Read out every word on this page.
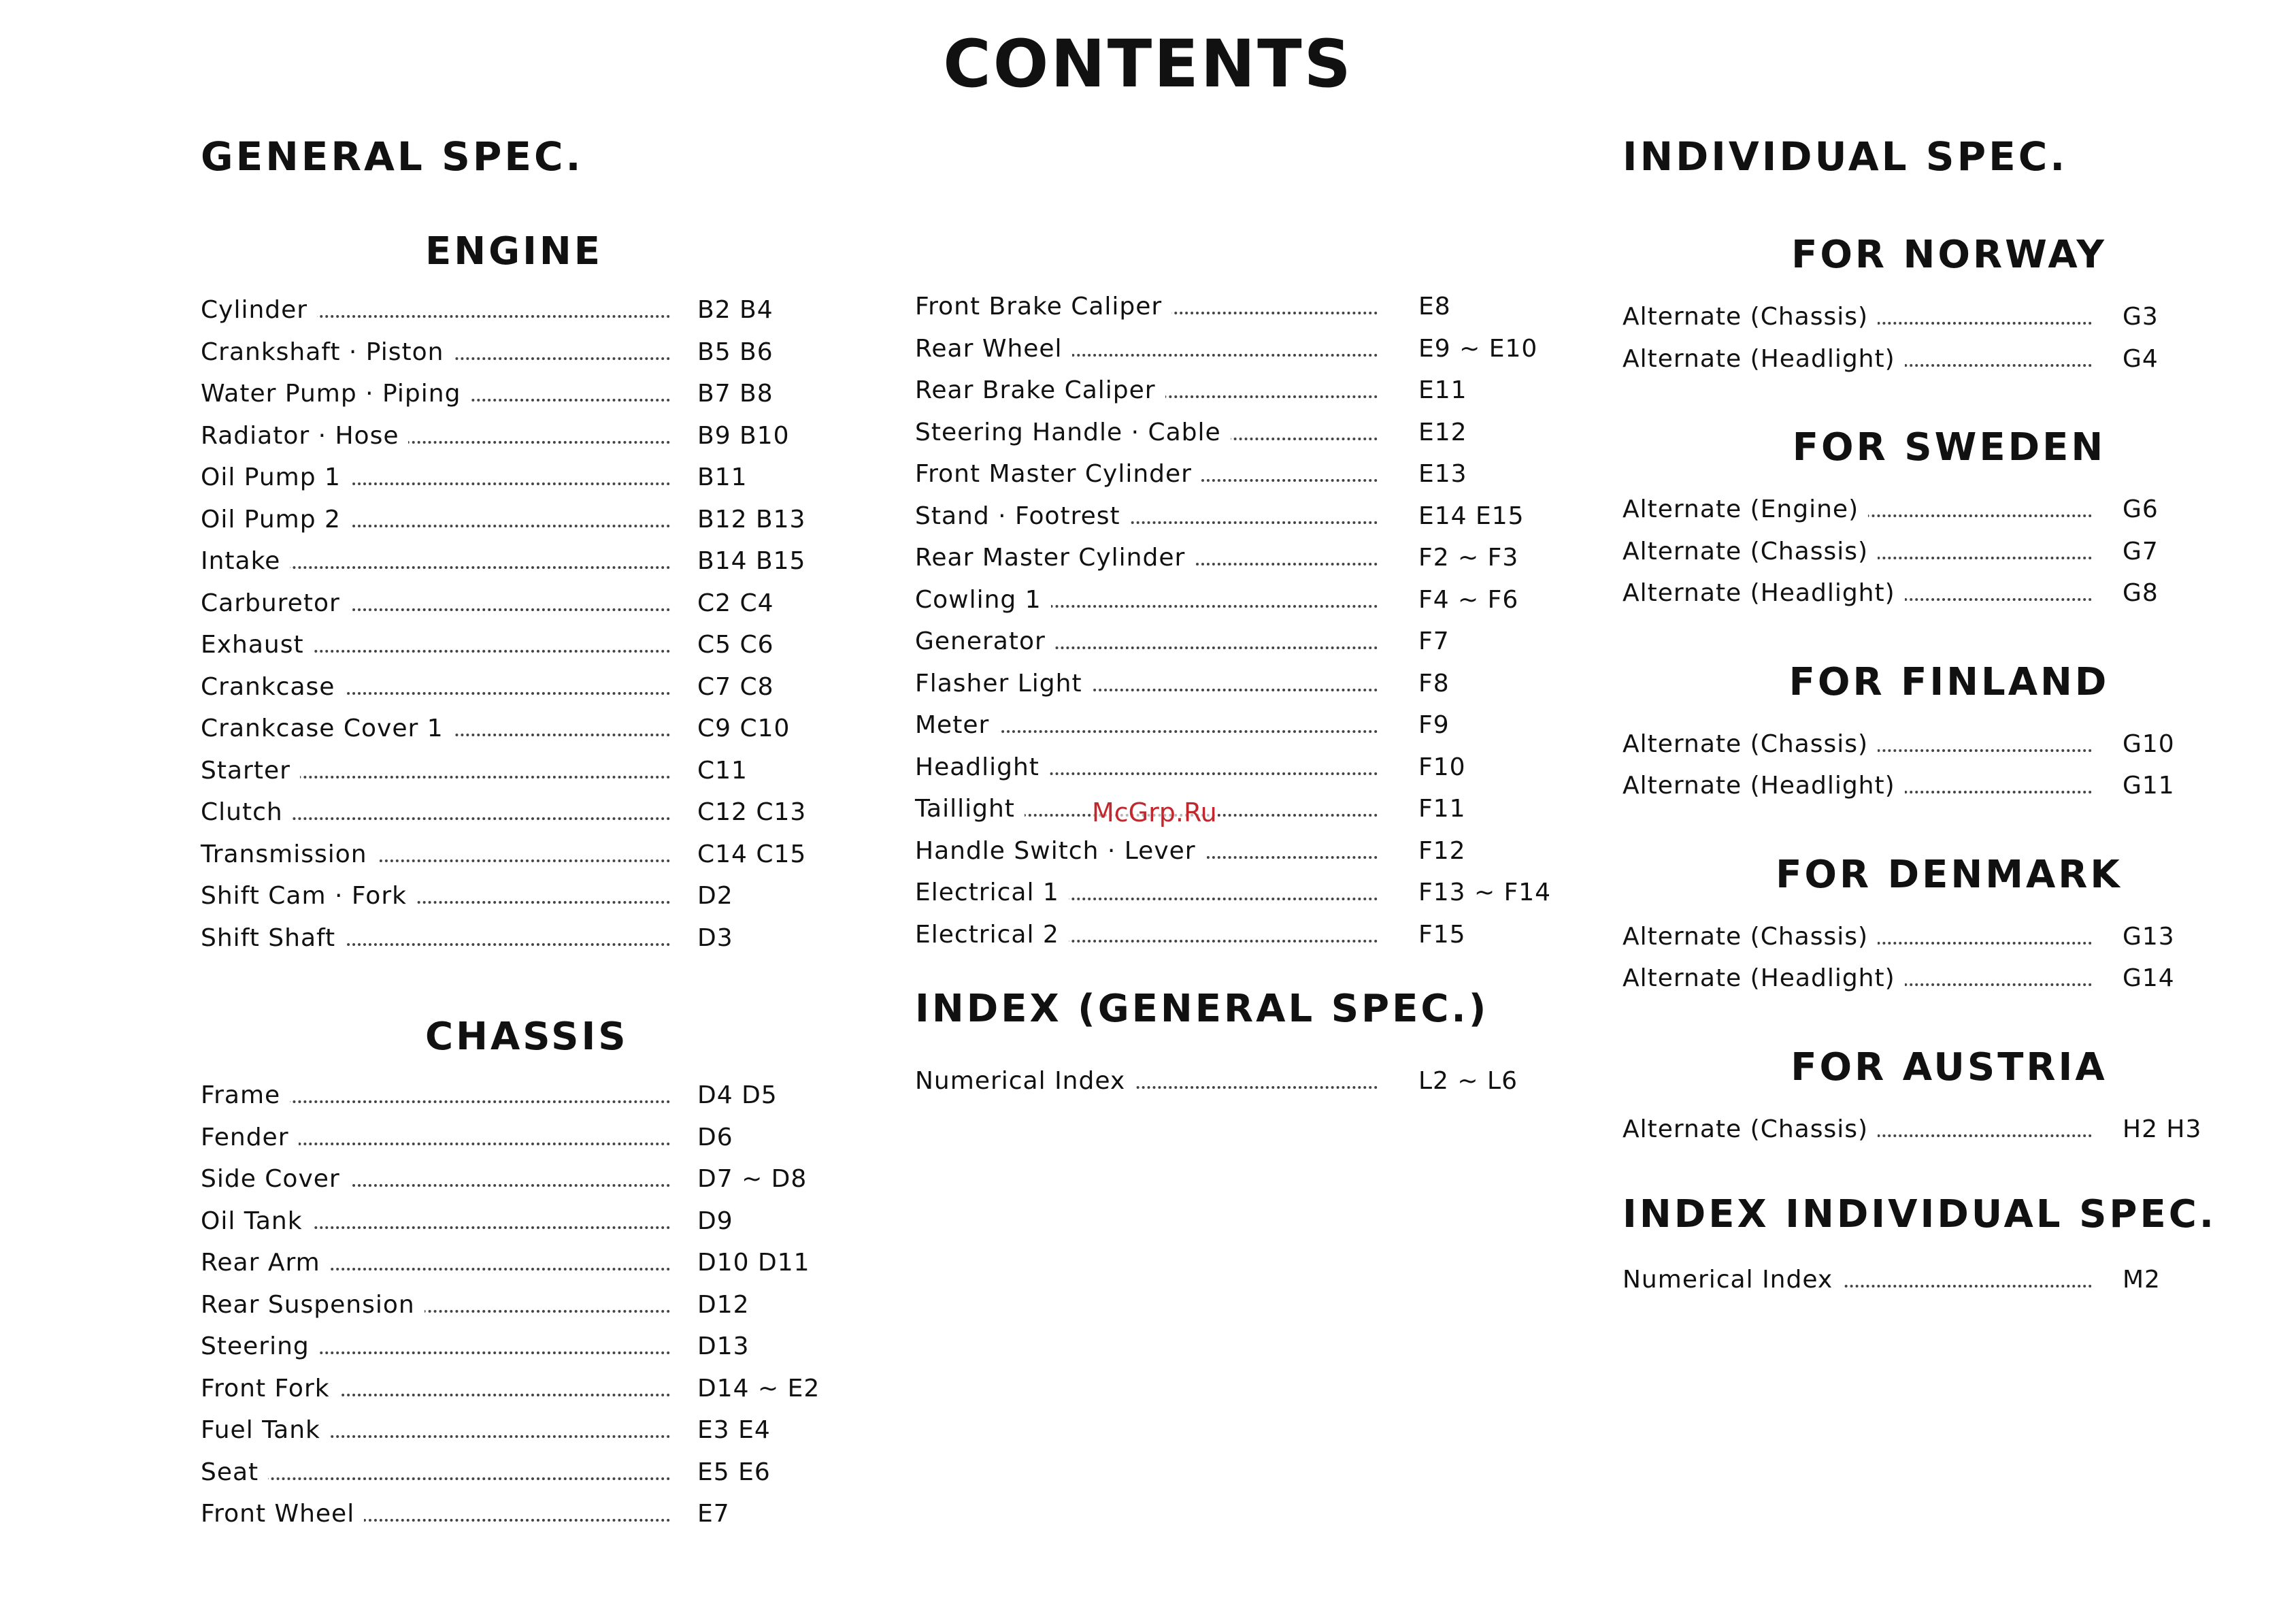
CONTENTS
GENERAL SPEC.
ENGINE
Cylinder	B2 B4
Crankshaft · Piston	B5 B6
Water Pump · Piping	B7 B8
Radiator · Hose	B9 B10
Oil Pump 1	B11
Oil Pump 2	B12 B13
Intake	B14 B15
Carburetor	C2 C4
Exhaust	C5 C6
Crankcase	C7 C8
Crankcase Cover 1	C9 C10
Starter	C11
Clutch	C12 C13
Transmission	C14 C15
Shift Cam · Fork	D2
Shift Shaft	D3
CHASSIS
Frame	D4 D5
Fender	D6
Side Cover	D7 ~ D8
Oil Tank	D9
Rear Arm	D10 D11
Rear Suspension	D12
Steering	D13
Front Fork	D14 ~ E2
Fuel Tank	E3 E4
Seat	E5 E6
Front Wheel	E7
Front Brake Caliper	E8
Rear Wheel	E9 ~ E10
Rear Brake Caliper	E11
Steering Handle · Cable	E12
Front Master Cylinder	E13
Stand · Footrest	E14 E15
Rear Master Cylinder	F2 ~ F3
Cowling 1	F4 ~ F6
Generator	F7
Flasher Light	F8
Meter	F9
Headlight	F10
Taillight	F11
Handle Switch · Lever	F12
Electrical 1	F13 ~ F14
Electrical 2	F15
INDEX (GENERAL SPEC.)
Numerical Index	L2 ~ L6
INDIVIDUAL SPEC.
FOR NORWAY
Alternate (Chassis)	G3
Alternate (Headlight)	G4
FOR SWEDEN
Alternate (Engine)	G6
Alternate (Chassis)	G7
Alternate (Headlight)	G8
FOR FINLAND
Alternate (Chassis)	G10
Alternate (Headlight)	G11
FOR DENMARK
Alternate (Chassis)	G13
Alternate (Headlight)	G14
FOR AUSTRIA
Alternate (Chassis)	H2 H3
INDEX INDIVIDUAL SPEC.
Numerical Index	M2
McGrp.Ru
